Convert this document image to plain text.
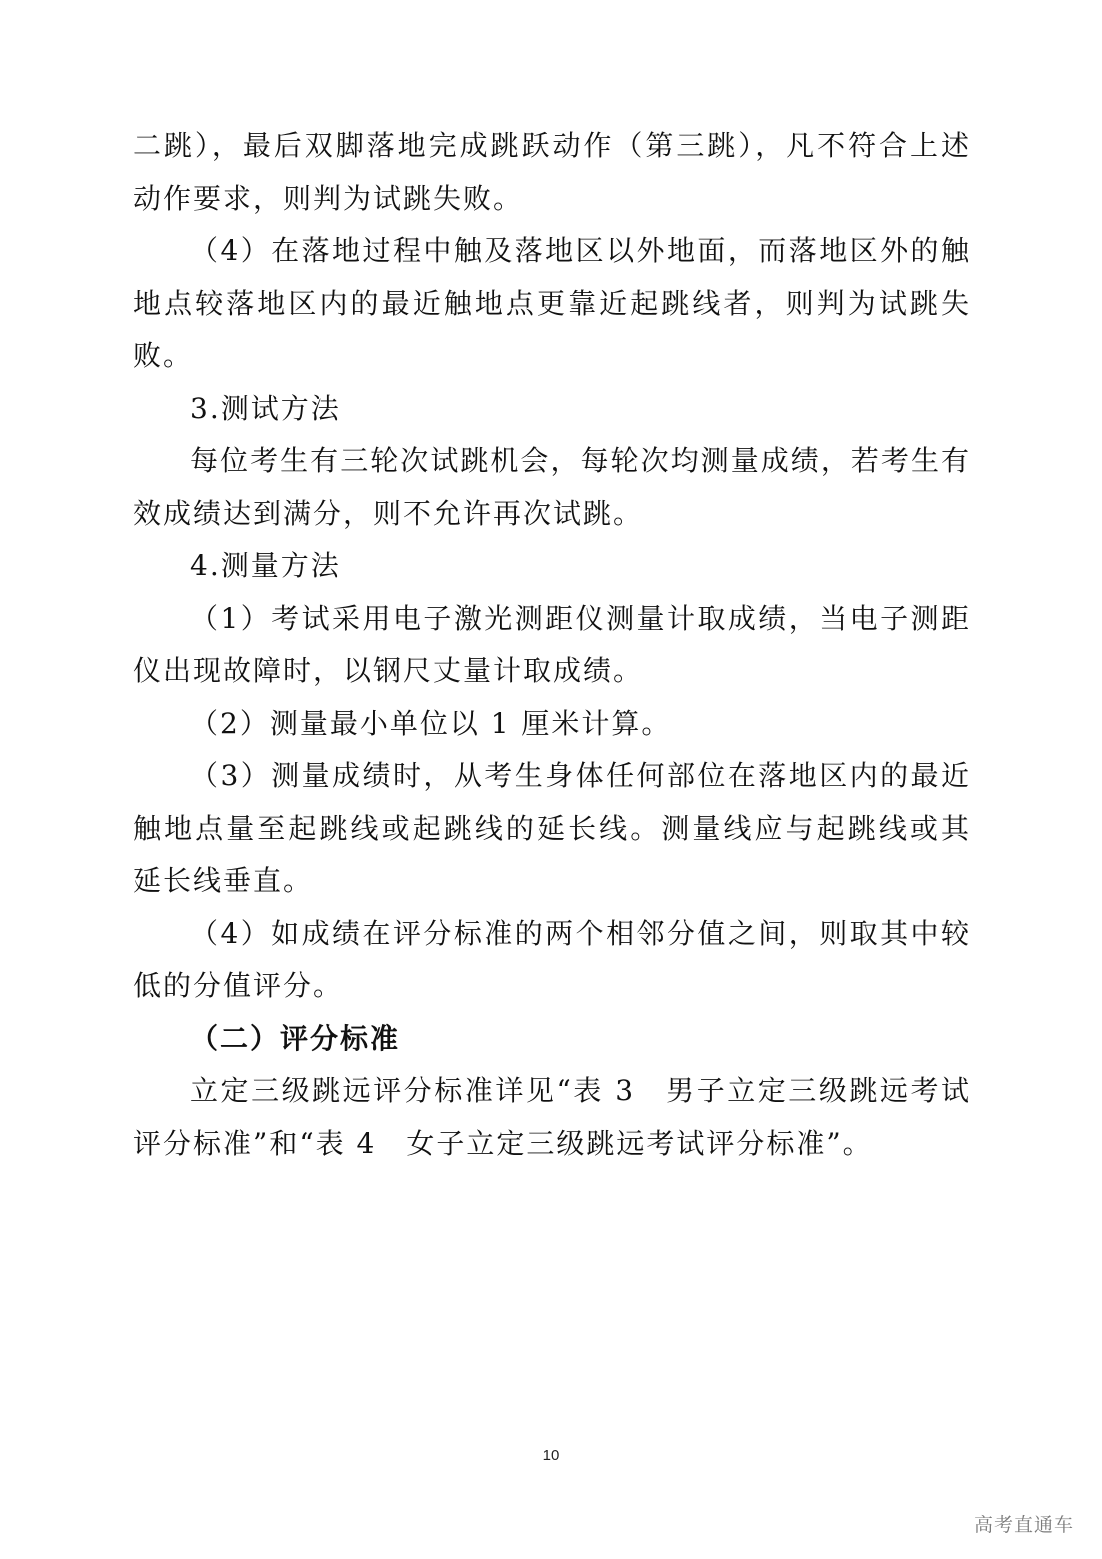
二跳），最后双脚落地完成跳跃动作（第三跳），凡不符合上述动作要求，则判为试跳失败。

（4）在落地过程中触及落地区以外地面，而落地区外的触地点较落地区内的最近触地点更靠近起跳线者，则判为试跳失败。

3.测试方法

每位考生有三轮次试跳机会，每轮次均测量成绩，若考生有效成绩达到满分，则不允许再次试跳。

4.测量方法

（1）考试采用电子激光测距仪测量计取成绩，当电子测距仪出现故障时，以钢尺丈量计取成绩。

（2）测量最小单位以 1 厘米计算。

（3）测量成绩时，从考生身体任何部位在落地区内的最近触地点量至起跳线或起跳线的延长线。测量线应与起跳线或其延长线垂直。

（4）如成绩在评分标准的两个相邻分值之间，则取其中较低的分值评分。

（二）评分标准

立定三级跳远评分标准详见“表 3　男子立定三级跳远考试评分标准”和“表 4　女子立定三级跳远考试评分标准”。

10
高考直通车
